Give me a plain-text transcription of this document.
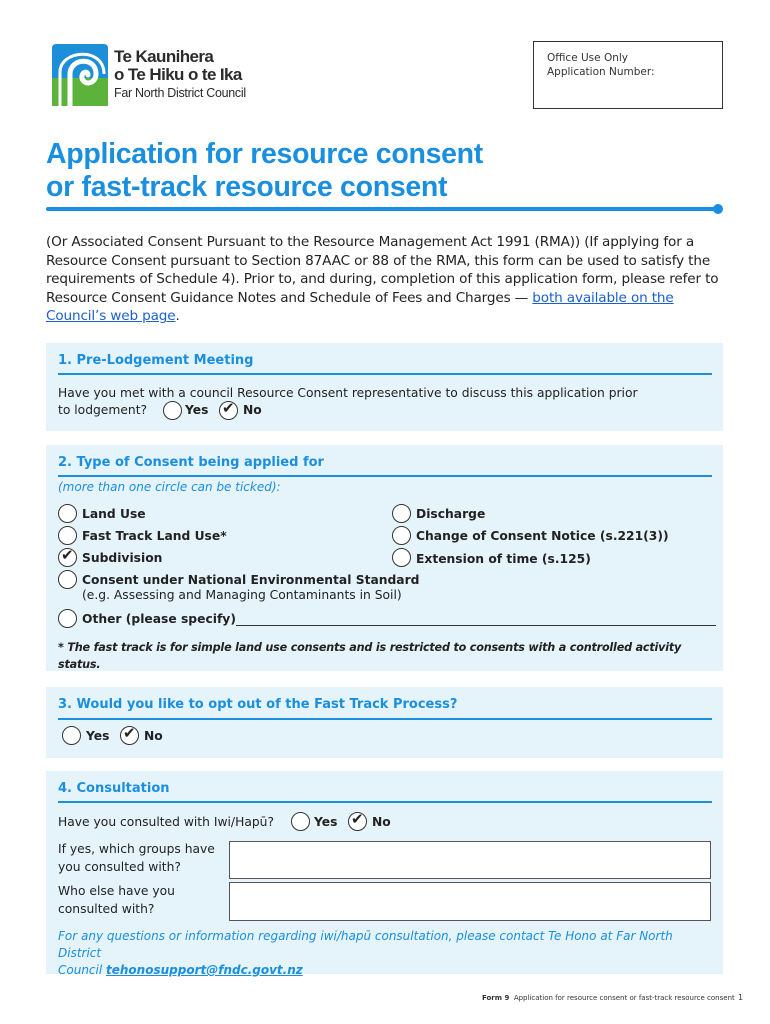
Te Kaunihera
o Te Hiku o te Ika
Far North District Council
Office Use Only
Application Number:
Application for resource consent
or fast-track resource consent
(Or Associated Consent Pursuant to the Resource Management Act 1991 (RMA)) (If applying for a Resource Consent pursuant to Section 87AAC or 88 of the RMA, this form can be used to satisfy the requirements of Schedule 4). Prior to, and during, completion of this application form, please refer to Resource Consent Guidance Notes and Schedule of Fees and Charges — both available on the Council’s web page.
1. Pre-Lodgement Meeting
Have you met with a council Resource Consent representative to discuss this application prior
to lodgement?	Yes ✔ No
2. Type of Consent being applied for
(more than one circle can be ticked):
Land Use
Fast Track Land Use*
✔ Subdivision
Consent under National Environmental Standard
(e.g. Assessing and Managing Contaminants in Soil)
Other (please specify)
Discharge
Change of Consent Notice (s.221(3))
Extension of time (s.125)
* The fast track is for simple land use consents and is restricted to consents with a controlled activity status.
3. Would you like to opt out of the Fast Track Process?
Yes ✔ No
4. Consultation
Have you consulted with Iwi/Hapū?	Yes ✔ No
If yes, which groups have
you consulted with?
Who else have you
consulted with?
For any questions or information regarding iwi/hapū consultation, please contact Te Hono at Far North District
Council tehonosupport@fndc.govt.nz
Form 9 Application for resource consent or fast-track resource consent 1
